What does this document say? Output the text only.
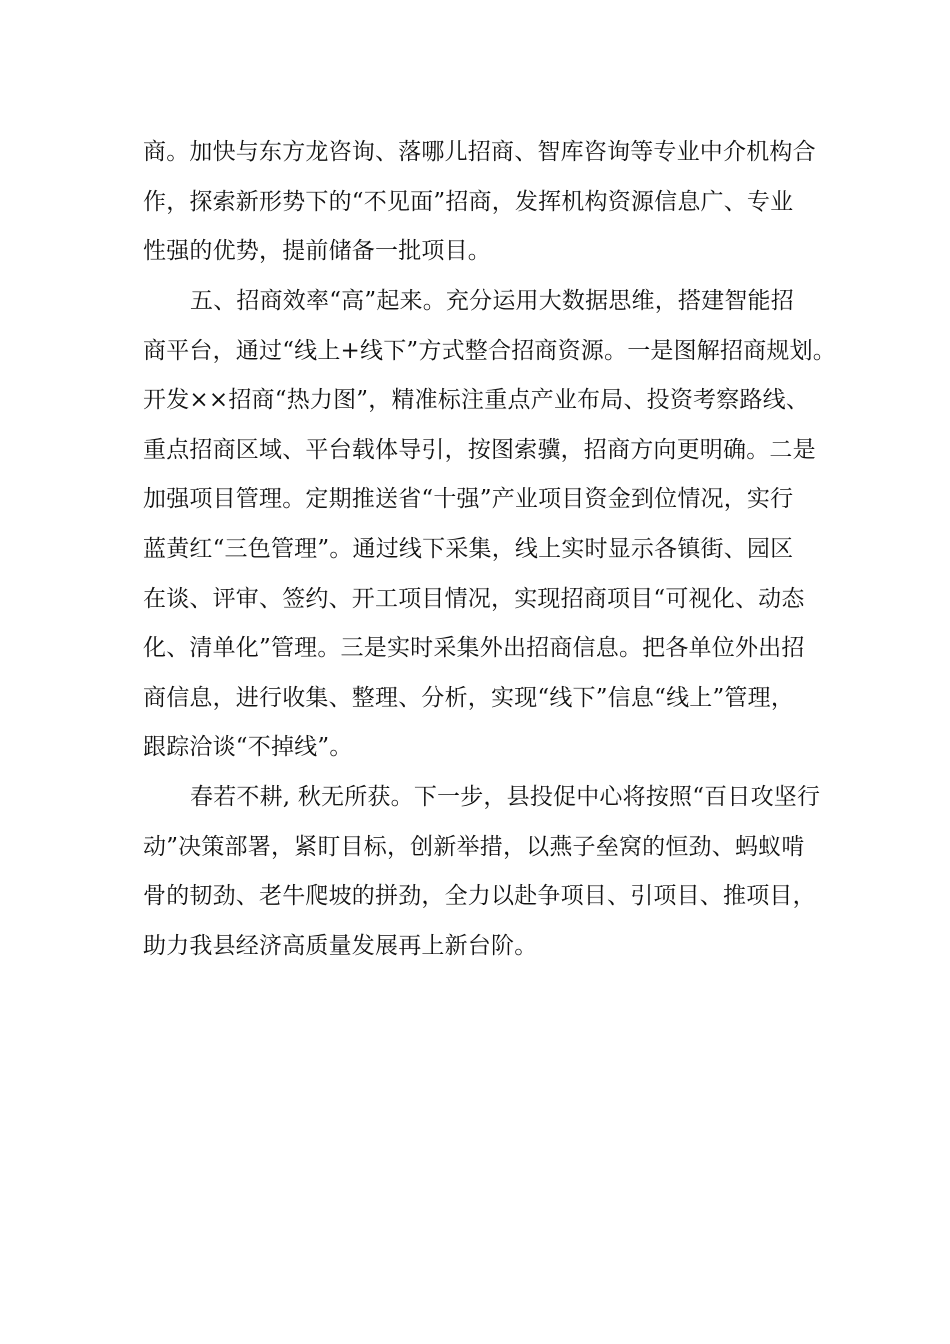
商。加快与东方龙咨询、落哪儿招商、智库咨询等专业中介机构合
作，探索新形势下的“不见面”招商，发挥机构资源信息广、专业
性强的优势，提前储备一批项目。
五、招商效率“高”起来。充分运用大数据思维，搭建智能招
商平台，通过“线上+线下”方式整合招商资源。一是图解招商规划。
开发××招商“热力图”，精准标注重点产业布局、投资考察路线、
重点招商区域、平台载体导引，按图索骥，招商方向更明确。二是
加强项目管理。定期推送省“十强”产业项目资金到位情况，实行
蓝黄红“三色管理”。通过线下采集，线上实时显示各镇街、园区
在谈、评审、签约、开工项目情况，实现招商项目“可视化、动态
化、清单化”管理。三是实时采集外出招商信息。把各单位外出招
商信息，进行收集、整理、分析，实现“线下”信息“线上”管理，
跟踪洽谈“不掉线”。
春若不耕, 秋无所获。下一步，县投促中心将按照“百日攻坚行
动”决策部署，紧盯目标，创新举措，以燕子垒窝的恒劲、蚂蚁啃
骨的韧劲、老牛爬坡的拼劲，全力以赴争项目、引项目、推项目，
助力我县经济高质量发展再上新台阶。
